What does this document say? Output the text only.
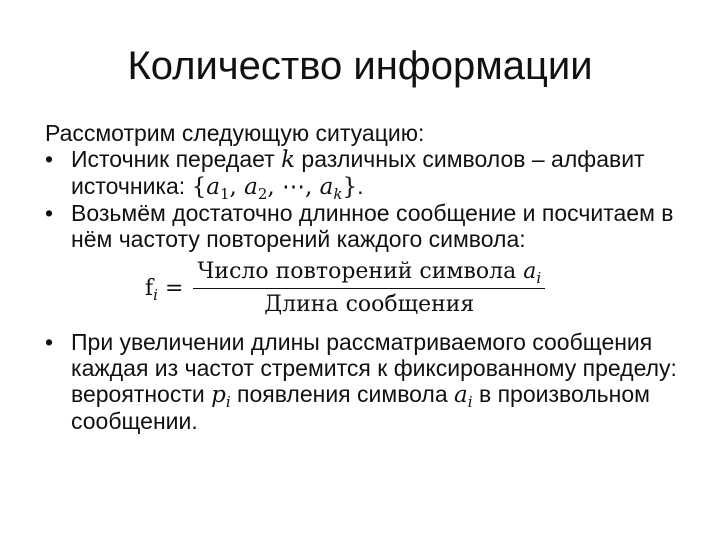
Количество информации

Рассмотрим следующую ситуацию:

• Источник передает k различных символов – алфавит источника: {$a_1$, $a_2$, ⋯, $a_k$}.

• Возьмём достаточно длинное сообщение и посчитаем в нём частоту повторений каждого символа:

$f_i = \frac{Число повторений символа a_i}{\text{Длина сообщения}}$

• При увеличении длины рассматриваемого сообщения каждая из частот стремится к фиксированному пределу: вероятности $p_i$ появления символа $a_i$ в произвольном сообщении.
